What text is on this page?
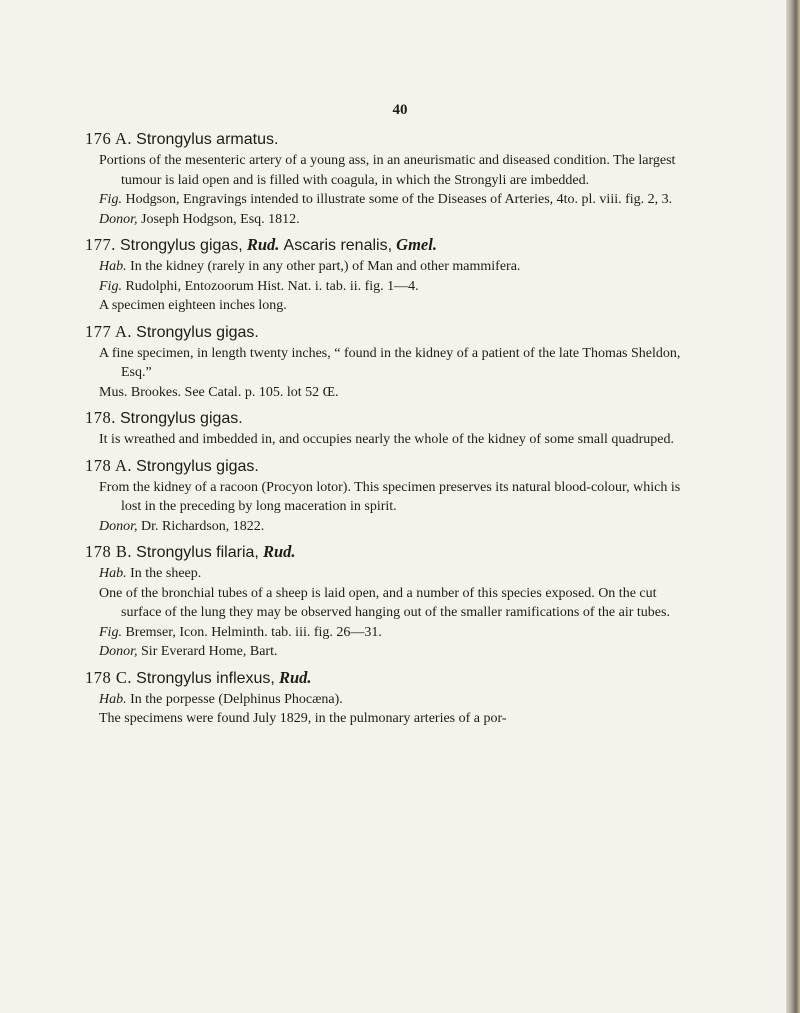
40

176 A. Strongylus armatus.

Portions of the mesenteric artery of a young ass, in an aneurismatic and diseased condition. The largest tumour is laid open and is filled with coagula, in which the Strongyli are imbedded.

Fig. Hodgson, Engravings intended to illustrate some of the Diseases of Arteries, 4to. pl. viii. fig. 2, 3.

Donor, Joseph Hodgson, Esq. 1812.

177. Strongylus gigas, Rud. Ascaris renalis, Gmel.

Hab. In the kidney (rarely in any other part,) of Man and other mammifera.

Fig. Rudolphi, Entozoorum Hist. Nat. i. tab. ii. fig. 1—4.

A specimen eighteen inches long.

177 A. Strongylus gigas.

A fine specimen, in length twenty inches, “ found in the kidney of a patient of the late Thomas Sheldon, Esq.”

Mus. Brookes. See Catal. p. 105. lot 52 Œ.

178. Strongylus gigas.

It is wreathed and imbedded in, and occupies nearly the whole of the kidney of some small quadruped.

178 A. Strongylus gigas.

From the kidney of a racoon (Procyon lotor). This specimen preserves its natural blood-colour, which is lost in the preceding by long maceration in spirit.

Donor, Dr. Richardson, 1822.

178 B. Strongylus filaria, Rud.

Hab. In the sheep.

One of the bronchial tubes of a sheep is laid open, and a number of this species exposed. On the cut surface of the lung they may be observed hanging out of the smaller ramifications of the air tubes.

Fig. Bremser, Icon. Helminth. tab. iii. fig. 26—31.

Donor, Sir Everard Home, Bart.

178 C. Strongylus inflexus, Rud.

Hab. In the porpesse (Delphinus Phocæna).

The specimens were found July 1829, in the pulmonary arteries of a por-
